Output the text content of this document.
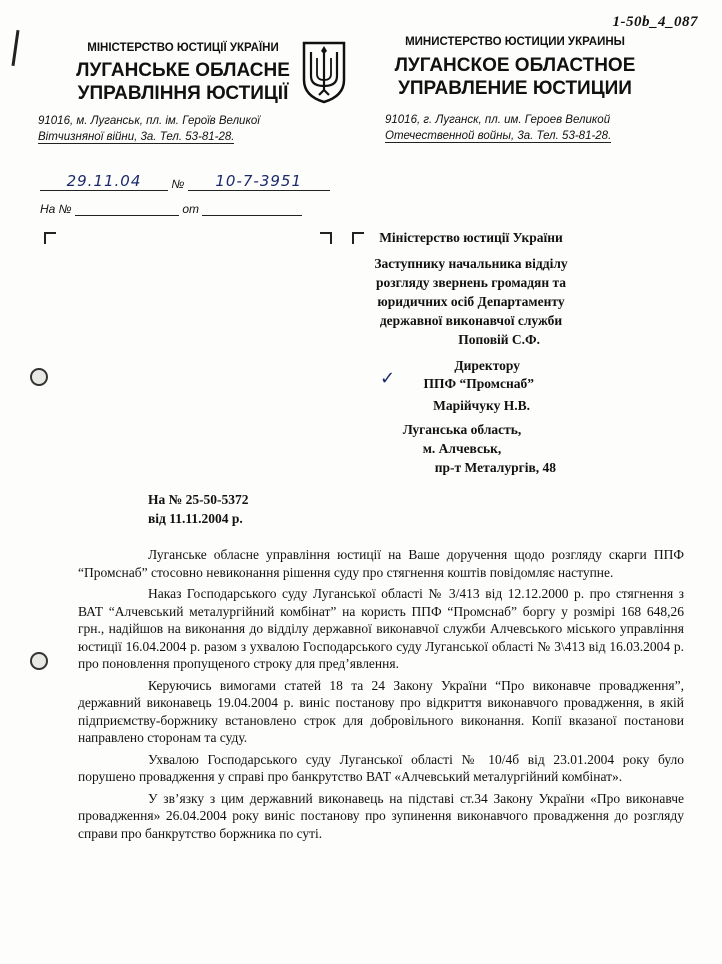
1-50b_4_087
МІНІСТЕРСТВО ЮСТИЦІЇ УКРАЇНИ
ЛУГАНСЬКЕ ОБЛАСНЕ
УПРАВЛІННЯ ЮСТИЦІЇ
91016, м. Луганськ, пл. ім. Героїв Великої
Вітчизняної війни, 3а. Тел. 53-81-28.
МИНИСТЕРСТВО ЮСТИЦИИ УКРАИНЫ
ЛУГАНСКОЕ ОБЛАСТНОЕ
УПРАВЛЕНИЕ ЮСТИЦИИ
91016, г. Луганск, пл. им. Героев Великой
Отечественной войны, 3а. Тел. 53-81-28.
29.11.04 № 10-7-3951
На №	от
Міністерство юстиції України
Заступнику начальника відділу
розгляду звернень громадян та
юридичних осіб Департаменту
державної виконавчої служби
Поповій С.Ф.
Директору
✓	ППФ “Промснаб”
Марійчуку Н.В.
Луганська область,
м. Алчевськ,
пр-т Металургів, 48
На № 25-50-5372
від 11.11.2004 р.

Луганське обласне управління юстиції на Ваше доручення щодо розгляду скарги ППФ “Промснаб” стосовно невиконання рішення суду про стягнення коштів повідомляє наступне.

Наказ Господарського суду Луганської області № 3/413 від 12.12.2000 р. про стягнення з ВАТ “Алчевський металургійний комбінат” на користь ППФ “Промснаб” боргу у розмірі 168 648,26 грн., надійшов на виконання до відділу державної виконавчої служби Алчевського міського управління юстиції 16.04.2004 р. разом з ухвалою Господарського суду Луганської області № 3\413 від 16.03.2004 р. про поновлення пропущеного строку для пред’явлення.

Керуючись вимогами статей 18 та 24 Закону України “Про виконавче провадження”, державний виконавець 19.04.2004 р. виніс постанову про відкриття виконавчого провадження, в якій підприємству-боржнику встановлено строк для добровільного виконання. Копії вказаної постанови направлено сторонам та суду.

Ухвалою Господарського суду Луганської області № 10/4б від 23.01.2004 року було порушено провадження у справі про банкрутство ВАТ «Алчевський металургійний комбінат».

У зв’язку з цим державний виконавець на підставі ст.34 Закону України «Про виконавче провадження» 26.04.2004 року виніс постанову про зупинення виконавчого провадження до розгляду справи про банкрутство боржника по суті.
